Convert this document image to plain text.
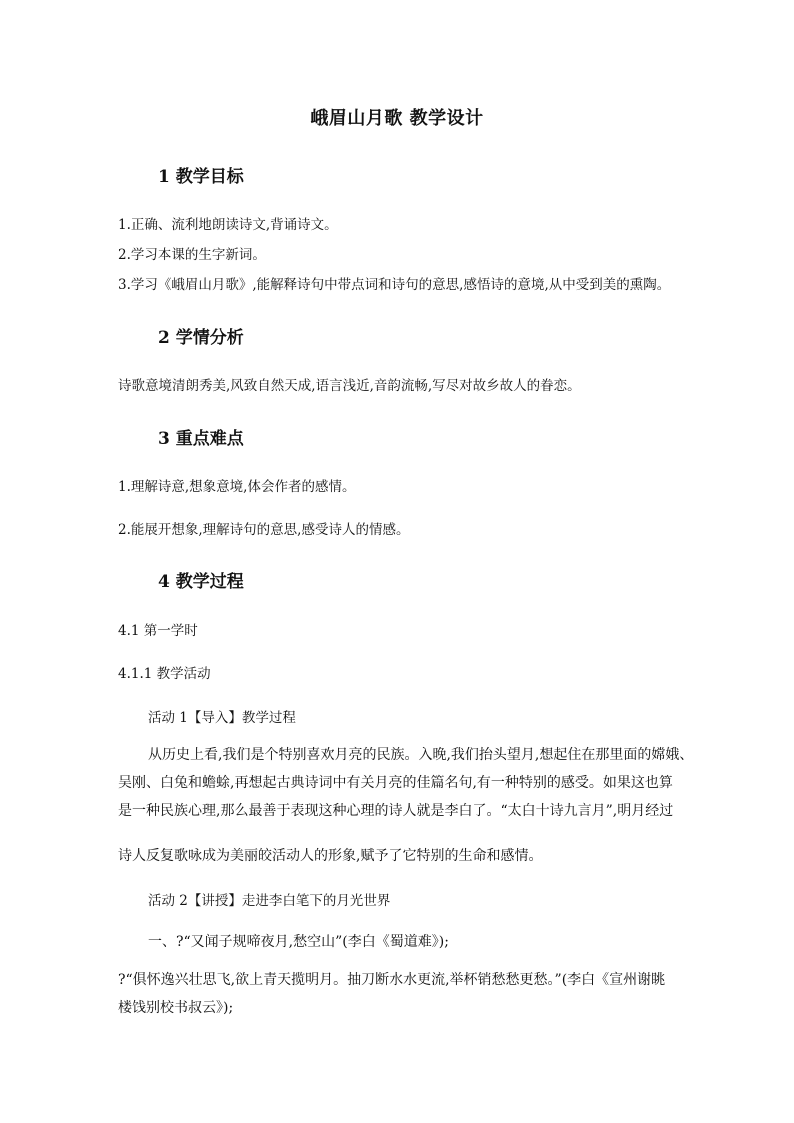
峨眉山月歌 教学设计

1 教学目标

1.正确、流利地朗读诗文,背诵诗文。

2.学习本课的生字新词。

3.学习《峨眉山月歌》,能解释诗句中带点词和诗句的意思,感悟诗的意境,从中受到美的熏陶。

2 学情分析

诗歌意境清朗秀美,风致自然天成,语言浅近,音韵流畅,写尽对故乡故人的眷恋。

3 重点难点

1.理解诗意,想象意境,体会作者的感情。

2.能展开想象,理解诗句的意思,感受诗人的情感。

4 教学过程

4.1 第一学时

4.1.1 教学活动

活动 1【导入】教学过程

从历史上看,我们是个特别喜欢月亮的民族。入晚,我们抬头望月,想起住在那里面的嫦娥、

吴刚、白兔和蟾蜍,再想起古典诗词中有关月亮的佳篇名句,有一种特别的感受。如果这也算

是一种民族心理,那么最善于表现这种心理的诗人就是李白了。“太白十诗九言月”,明月经过

诗人反复歌咏成为美丽皎活动人的形象,赋予了它特别的生命和感情。

活动 2【讲授】走进李白笔下的月光世界

一、?“又闻子规啼夜月,愁空山”(李白《蜀道难》);

?“俱怀逸兴壮思飞,欲上青天揽明月。抽刀断水水更流,举杯销愁愁更愁。”(李白《宣州谢眺

楼饯别校书叔云》);
